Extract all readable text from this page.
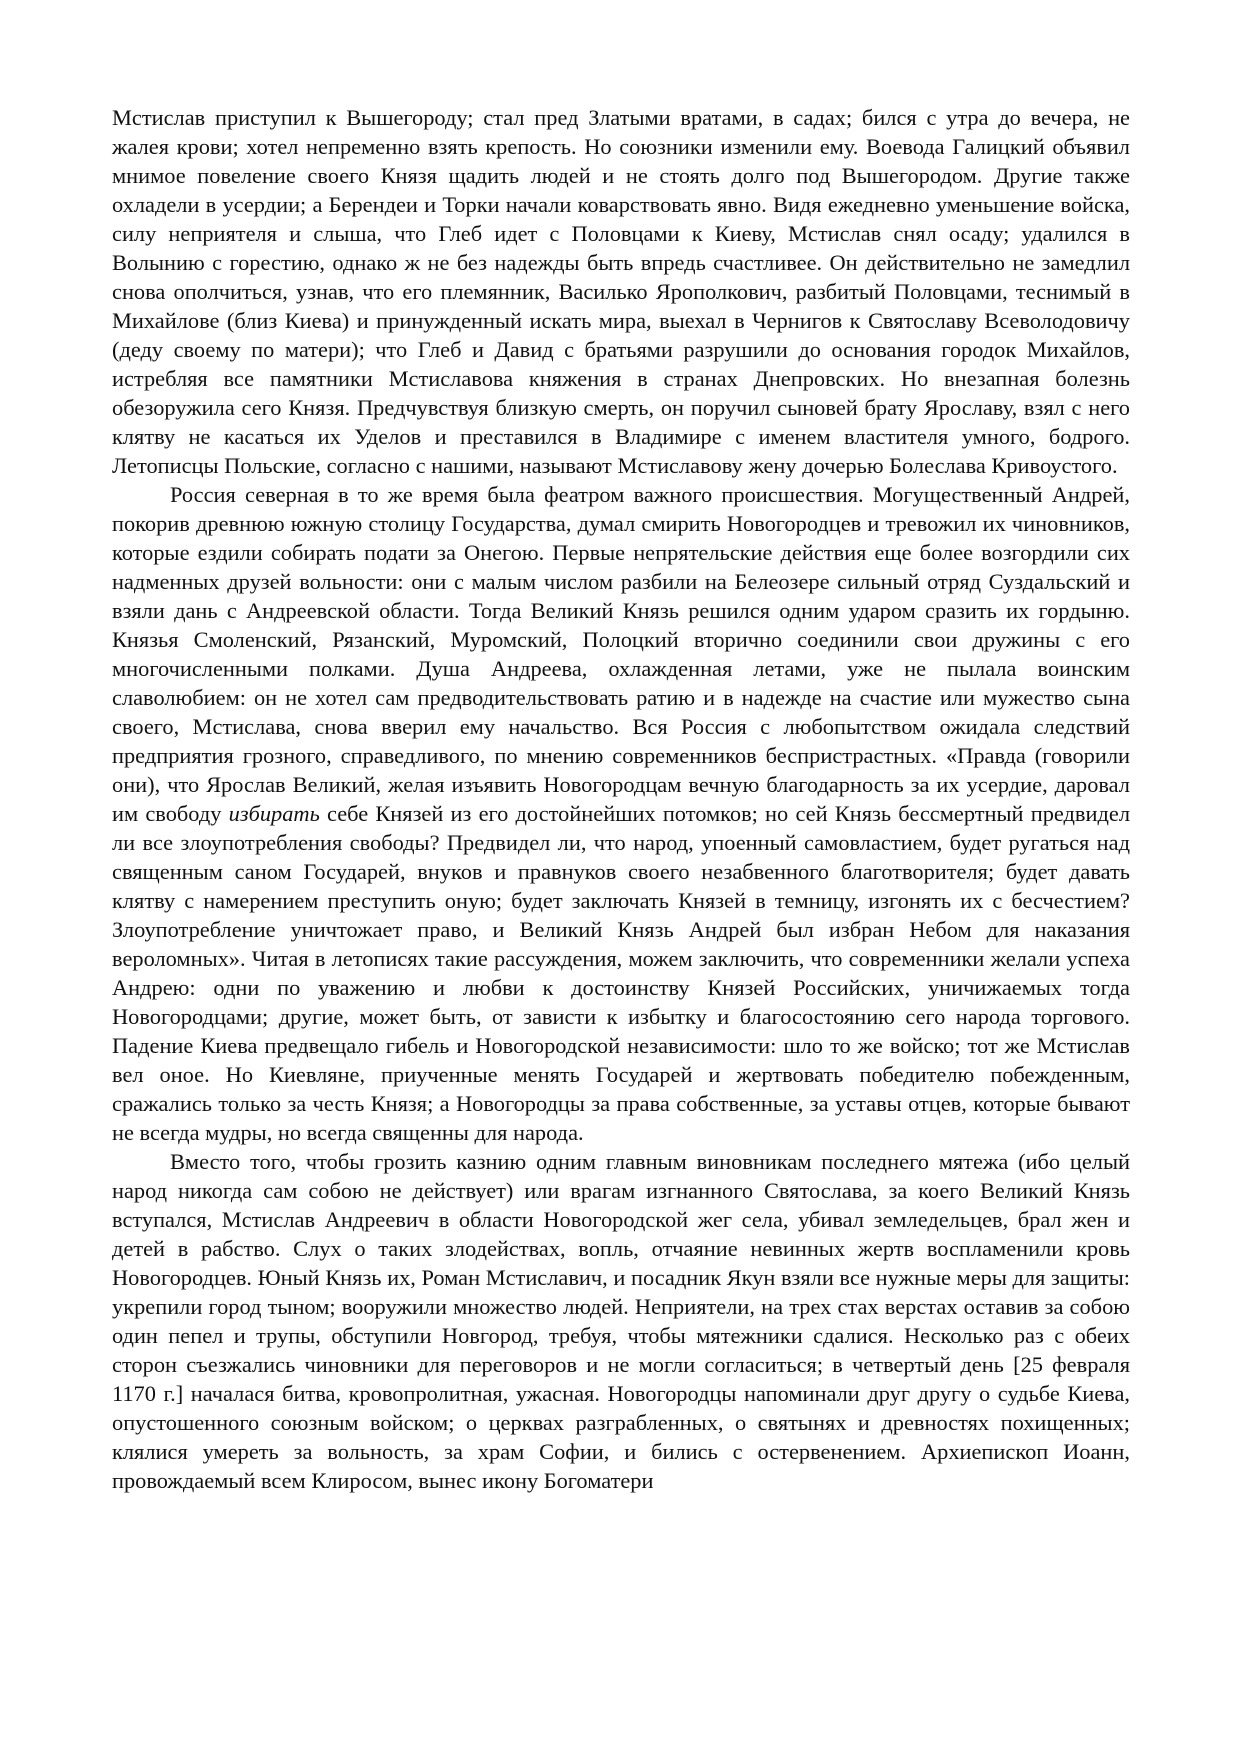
Мстислав приступил к Вышегороду; стал пред Златыми вратами, в садах; бился с утра до вечера, не жалея крови; хотел непременно взять крепость. Но союзники изменили ему. Воевода Галицкий объявил мнимое повеление своего Князя щадить людей и не стоять долго под Вышегородом. Другие также охладели в усердии; а Берендеи и Торки начали коварствовать явно. Видя ежедневно уменьшение войска, силу неприятеля и слыша, что Глеб идет с Половцами к Киеву, Мстислав снял осаду; удалился в Волынию с горестию, однако ж не без надежды быть впредь счастливее. Он действительно не замедлил снова ополчиться, узнав, что его племянник, Василько Ярополкович, разбитый Половцами, теснимый в Михайлове (близ Киева) и принужденный искать мира, выехал в Чернигов к Святославу Всеволодовичу (деду своему по матери); что Глеб и Давид с братьями разрушили до основания городок Михайлов, истребляя все памятники Мстиславова княжения в странах Днепровских. Но внезапная болезнь обезоружила сего Князя. Предчувствуя близкую смерть, он поручил сыновей брату Ярославу, взял с него клятву не касаться их Уделов и преставился в Владимире с именем властителя умного, бодрого. Летописцы Польские, согласно с нашими, называют Мстиславову жену дочерью Болеслава Кривоустого.

Россия северная в то же время была феатром важного происшествия. Могущественный Андрей, покорив древнюю южную столицу Государства, думал смирить Новогородцев и тревожил их чиновников, которые ездили собирать подати за Онегою. Первые непрятельские действия еще более возгордили сих надменных друзей вольности: они с малым числом разбили на Белеозере сильный отряд Суздальский и взяли дань с Андреевской области. Тогда Великий Князь решился одним ударом сразить их гордыню. Князья Смоленский, Рязанский, Муромский, Полоцкий вторично соединили свои дружины с его многочисленными полками. Душа Андреева, охлажденная летами, уже не пылала воинским славолюбием: он не хотел сам предводительствовать ратию и в надежде на счастие или мужество сына своего, Мстислава, снова вверил ему начальство. Вся Россия с любопытством ожидала следствий предприятия грозного, справедливого, по мнению современников беспристрастных. «Правда (говорили они), что Ярослав Великий, желая изъявить Новогородцам вечную благодарность за их усердие, даровал им свободу избирать себе Князей из его достойнейших потомков; но сей Князь бессмертный предвидел ли все злоупотребления свободы? Предвидел ли, что народ, упоенный самовластием, будет ругаться над священным саном Государей, внуков и правнуков своего незабвенного благотворителя; будет давать клятву с намерением преступить оную; будет заключать Князей в темницу, изгонять их с бесчестием? Злоупотребление уничтожает право, и Великий Князь Андрей был избран Небом для наказания вероломных». Читая в летописях такие рассуждения, можем заключить, что современники желали успеха Андрею: одни по уважению и любви к достоинству Князей Российских, уничижаемых тогда Новогородцами; другие, может быть, от зависти к избытку и благосостоянию сего народа торгового. Падение Киева предвещало гибель и Новогородской независимости: шло то же войско; тот же Мстислав вел оное. Но Киевляне, приученные менять Государей и жертвовать победителю побежденным, сражались только за честь Князя; а Новогородцы за права собственные, за уставы отцев, которые бывают не всегда мудры, но всегда священны для народа.

Вместо того, чтобы грозить казнию одним главным виновникам последнего мятежа (ибо целый народ никогда сам собою не действует) или врагам изгнанного Святослава, за коего Великий Князь вступался, Мстислав Андреевич в области Новогородской жег села, убивал земледельцев, брал жен и детей в рабство. Слух о таких злодействах, вопль, отчаяние невинных жертв воспламенили кровь Новогородцев. Юный Князь их, Роман Мстиславич, и посадник Якун взяли все нужные меры для защиты: укрепили город тыном; вооружили множество людей. Неприятели, на трех стах верстах оставив за собою один пепел и трупы, обступили Новгород, требуя, чтобы мятежники сдалися. Несколько раз с обеих сторон съезжались чиновники для переговоров и не могли согласиться; в четвертый день [25 февраля 1170 г.] началася битва, кровопролитная, ужасная. Новогородцы напоминали друг другу о судьбе Киева, опустошенного союзным войском; о церквах разграбленных, о святынях и древностях похищенных; клялися умереть за вольность, за храм Софии, и бились с остервенением. Архиепископ Иоанн, провождаемый всем Клиросом, вынес икону Богоматери
